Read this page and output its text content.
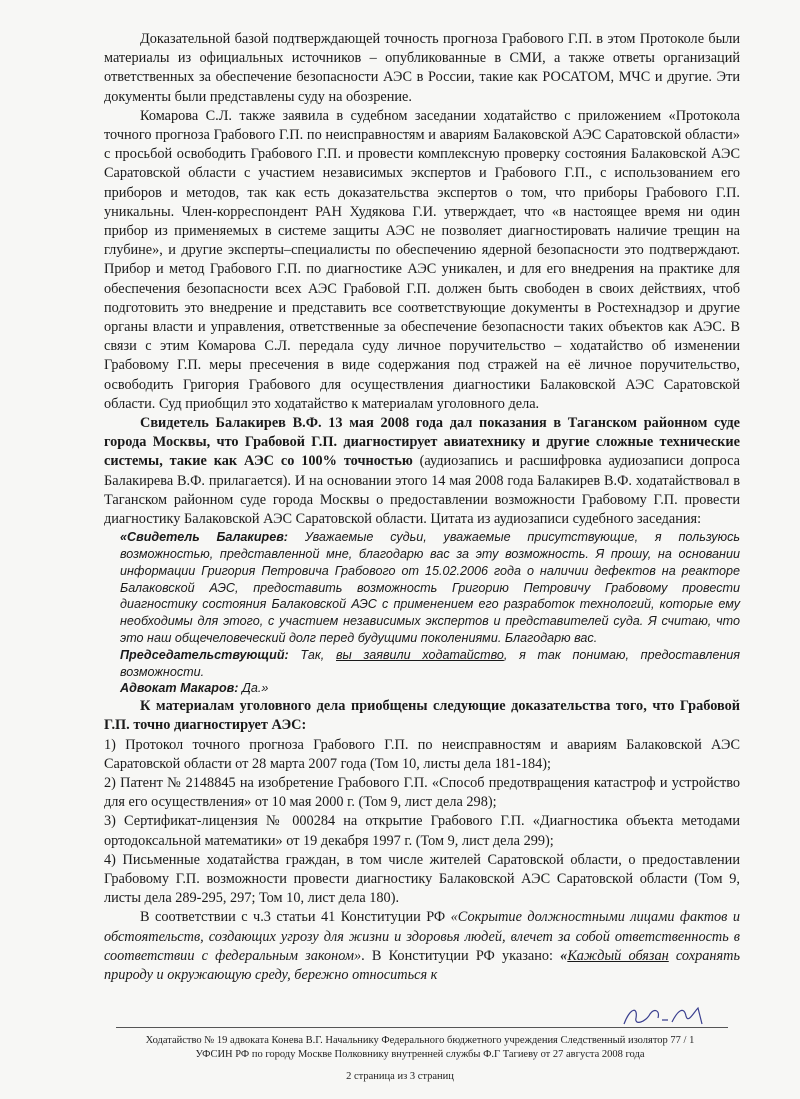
Доказательной базой подтверждающей точность прогноза Грабового Г.П. в этом Протоколе были материалы из официальных источников – опубликованные в СМИ, а также ответы организаций ответственных за обеспечение безопасности АЭС в России, такие как РОСАТОМ, МЧС и другие. Эти документы были представлены суду на обозрение.

Комарова С.Л. также заявила в судебном заседании ходатайство с приложением «Протокола точного прогноза Грабового Г.П. по неисправностям и авариям Балаковской АЭС Саратовской области» с просьбой освободить Грабового Г.П. и провести комплексную проверку состояния Балаковской АЭС Саратовской области с участием независимых экспертов и Грабового Г.П., с использованием его приборов и методов, так как есть доказательства экспертов о том, что приборы Грабового Г.П. уникальны. Член-корреспондент РАН Худякова Г.И. утверждает, что «в настоящее время ни один прибор из применяемых в системе защиты АЭС не позволяет диагностировать наличие трещин на глубине», и другие эксперты–специалисты по обеспечению ядерной безопасности это подтверждают. Прибор и метод Грабового Г.П. по диагностике АЭС уникален, и для его внедрения на практике для обеспечения безопасности всех АЭС Грабовой Г.П. должен быть свободен в своих действиях, чтоб подготовить это внедрение и представить все соответствующие документы в Ростехнадзор и другие органы власти и управления, ответственные за обеспечение безопасности таких объектов как АЭС. В связи с этим Комарова С.Л. передала суду личное поручительство – ходатайство об изменении Грабовому Г.П. меры пресечения в виде содержания под стражей на её личное поручительство, освободить Григория Грабового для осуществления диагностики Балаковской АЭС Саратовской области. Суд приобщил это ходатайство к материалам уголовного дела.

Свидетель Балакирев В.Ф. 13 мая 2008 года дал показания в Таганском районном суде города Москвы, что Грабовой Г.П. диагностирует авиатехнику и другие сложные технические системы, такие как АЭС со 100% точностью (аудиозапись и расшифровка аудиозаписи допроса Балакирева В.Ф. прилагается). И на основании этого 14 мая 2008 года Балакирев В.Ф. ходатайствовал в Таганском районном суде города Москвы о предоставлении возможности Грабовому Г.П. провести диагностику Балаковской АЭС Саратовской области. Цитата из аудиозаписи судебного заседания:

«Свидетель Балакирев: Уважаемые судьи, уважаемые присутствующие, я пользуюсь возможностью, представленной мне, благодарю вас за эту возможность. Я прошу, на основании информации Григория Петровича Грабового от 15.02.2006 года о наличии дефектов на реакторе Балаковской АЭС, предоставить возможность Григорию Петровичу Грабовому провести диагностику состояния Балаковской АЭС с применением его разработок технологий, которые ему необходимы для этого, с участием независимых экспертов и представителей суда. Я считаю, что это наш общечеловеческий долг перед будущими поколениями. Благодарю вас.

Председательствующий: Так, вы заявили ходатайство, я так понимаю, предоставления возможности.

Адвокат Макаров: Да.»

К материалам уголовного дела приобщены следующие доказательства того, что Грабовой Г.П. точно диагностирует АЭС:

1) Протокол точного прогноза Грабового Г.П. по неисправностям и авариям Балаковской АЭС Саратовской области от 28 марта 2007 года (Том 10, листы дела 181-184);

2) Патент № 2148845 на изобретение Грабового Г.П. «Способ предотвращения катастроф и устройство для его осуществления» от 10 мая 2000 г. (Том 9, лист дела 298);

3) Сертификат-лицензия № 000284 на открытие Грабового Г.П. «Диагностика объекта методами ортодоксальной математики» от 19 декабря 1997 г. (Том 9, лист дела 299);

4) Письменные ходатайства граждан, в том числе жителей Саратовской области, о предоставлении Грабовому Г.П. возможности провести диагностику Балаковской АЭС Саратовской области (Том 9, листы дела 289-295, 297; Том 10, лист дела 180).

В соответствии с ч.3 статьи 41 Конституции РФ «Сокрытие должностными лицами фактов и обстоятельств, создающих угрозу для жизни и здоровья людей, влечет за собой ответственность в соответствии с федеральным законом». В Конституции РФ указано: «Каждый обязан сохранять природу и окружающую среду, бережно относиться к

Ходатайство № 19 адвоката Конева В.Г. Начальнику Федерального бюджетного учреждения Следственный изолятор 77 / 1
УФСИН РФ по городу Москве Полковнику внутренней службы Ф.Г Тагиеву от 27 августа 2008 года
2 страница из 3 страниц
